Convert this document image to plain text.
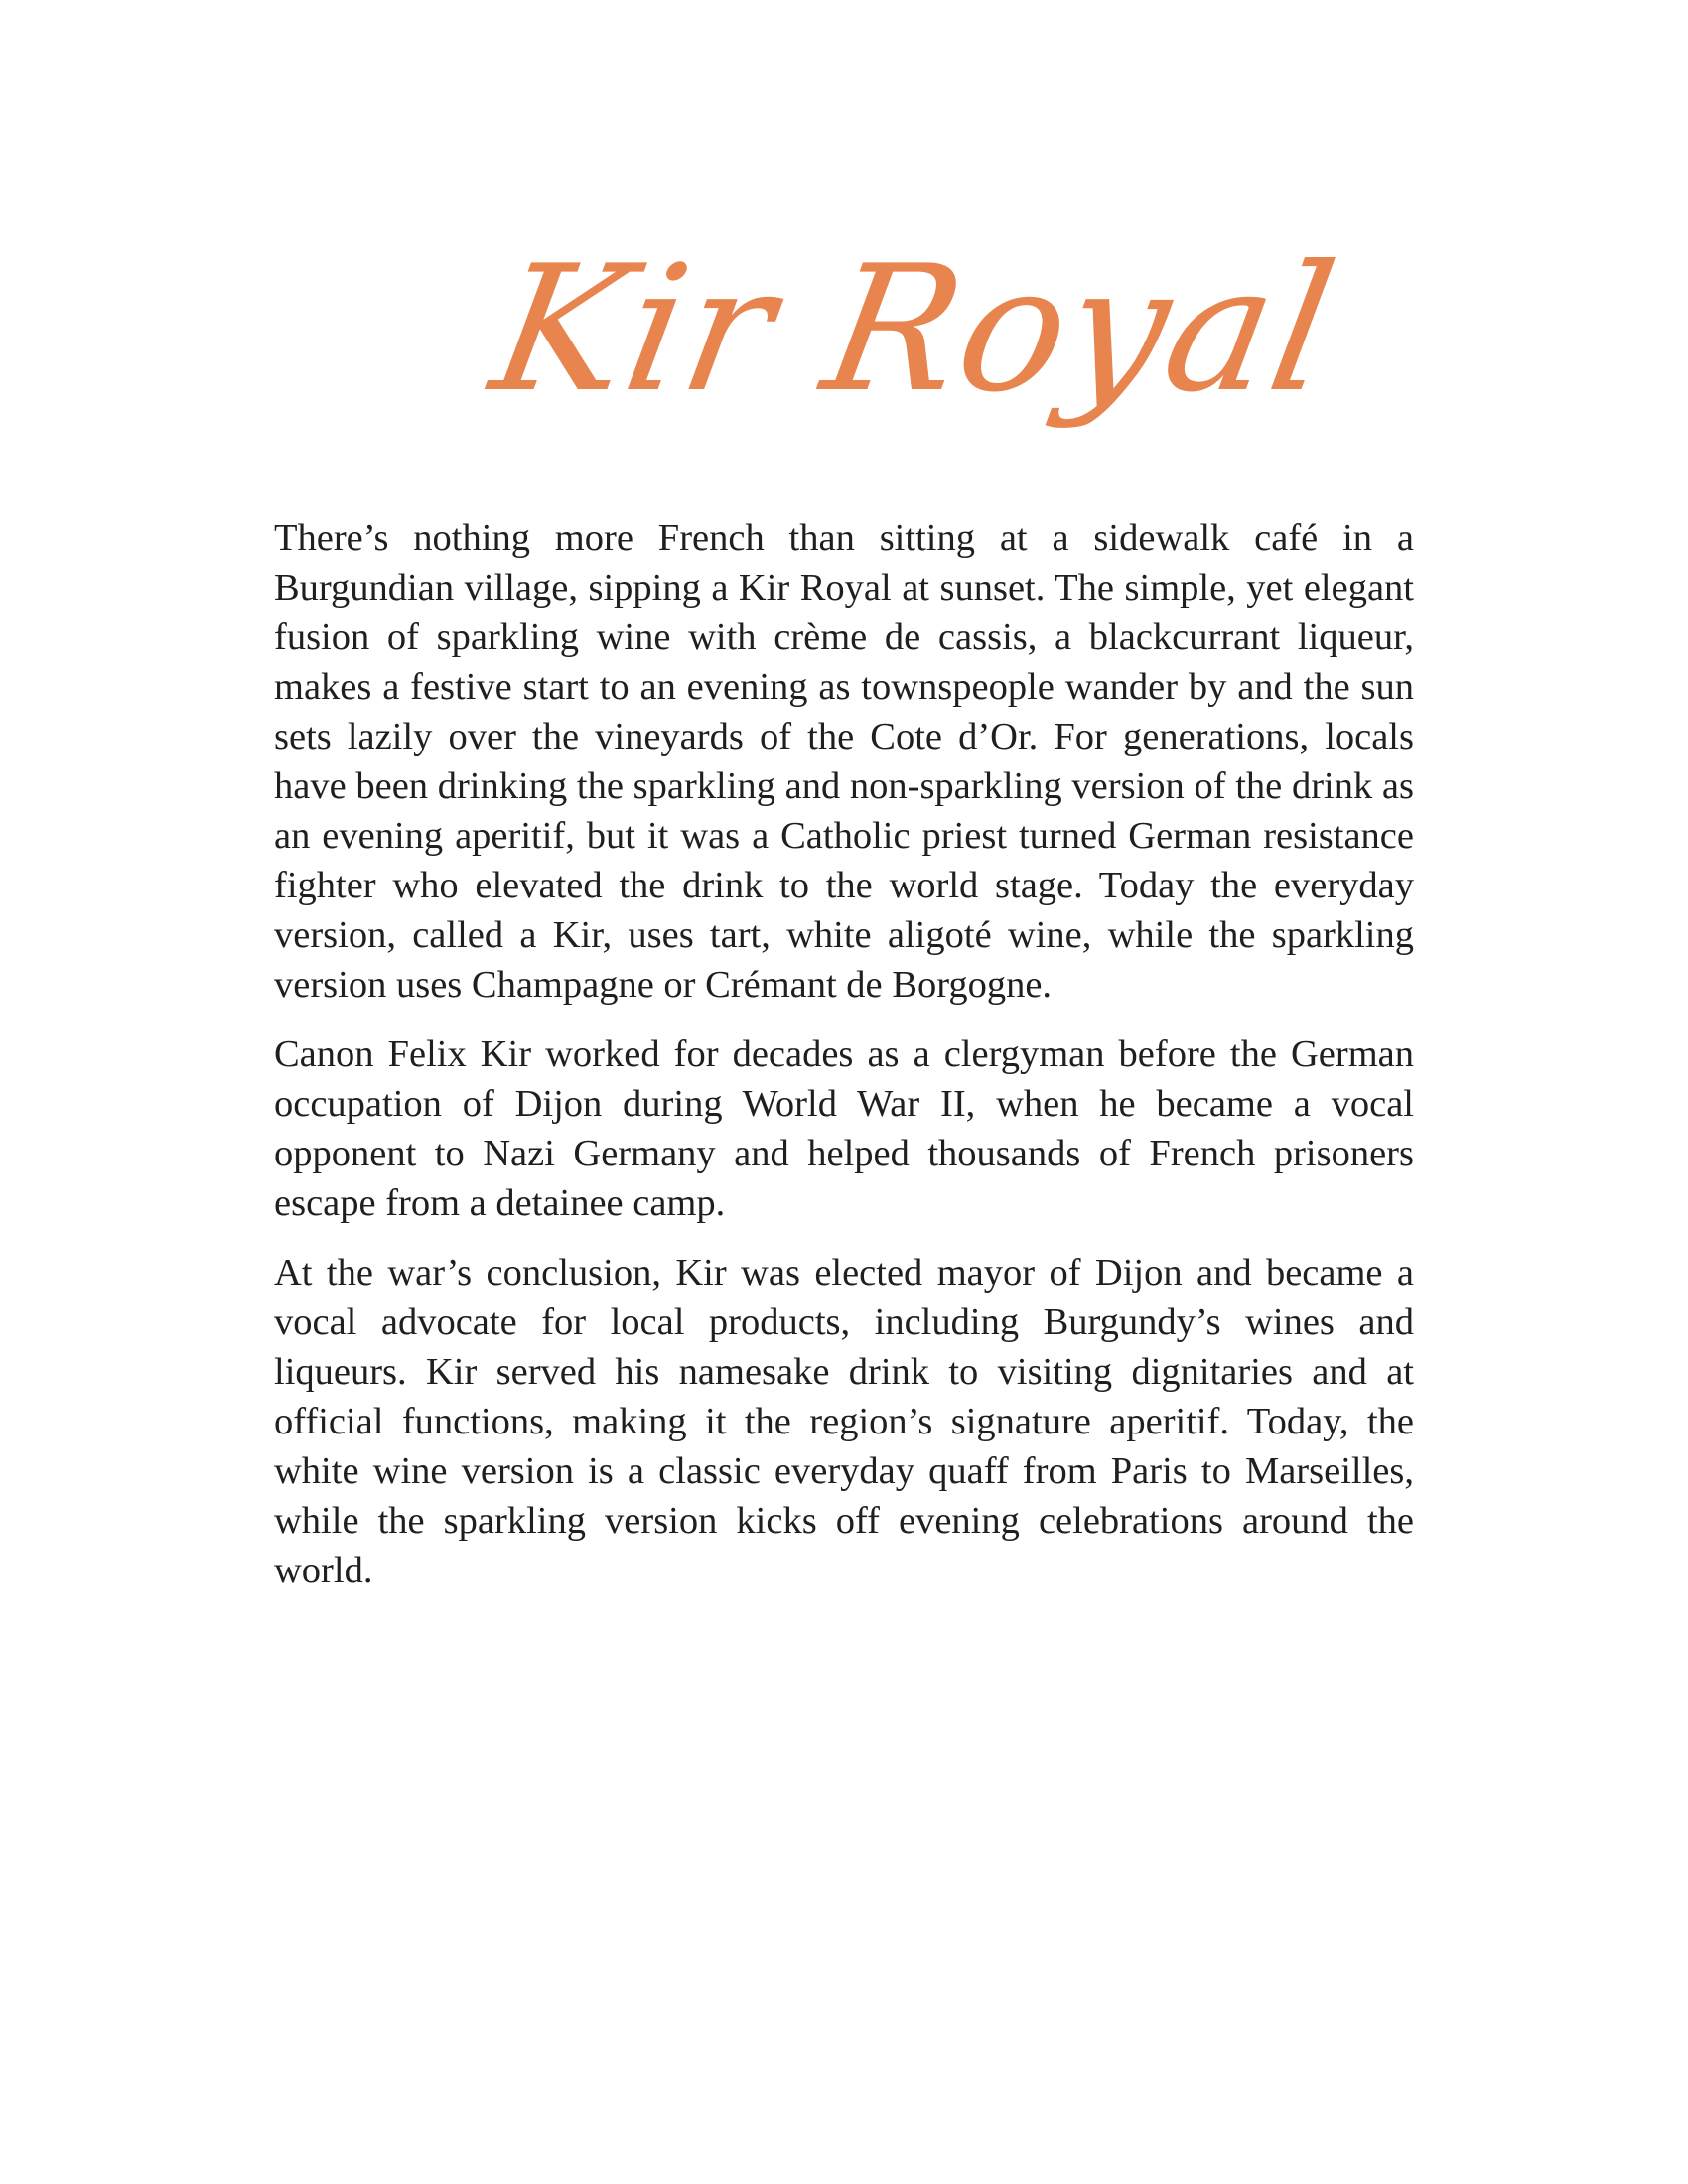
Kir Royal

There’s nothing more French than sitting at a sidewalk café in a Burgundian village, sipping a Kir Royal at sunset. The simple, yet elegant fusion of sparkling wine with crème de cassis, a blackcurrant liqueur, makes a festive start to an evening as townspeople wander by and the sun sets lazily over the vineyards of the Cote d’Or. For generations, locals have been drinking the sparkling and non-sparkling version of the drink as an evening aperitif, but it was a Catholic priest turned German resistance fighter who elevated the drink to the world stage. Today the everyday version, called a Kir, uses tart, white aligoté wine, while the sparkling version uses Champagne or Crémant de Borgogne.

Canon Felix Kir worked for decades as a clergyman before the German occupation of Dijon during World War II, when he became a vocal opponent to Nazi Germany and helped thousands of French prisoners escape from a detainee camp.

At the war’s conclusion, Kir was elected mayor of Dijon and became a vocal advocate for local products, including Burgundy’s wines and liqueurs. Kir served his namesake drink to visiting dignitaries and at official functions, making it the region’s signature aperitif. Today, the white wine version is a classic everyday quaff from Paris to Marseilles, while the sparkling version kicks off evening celebrations around the world.
